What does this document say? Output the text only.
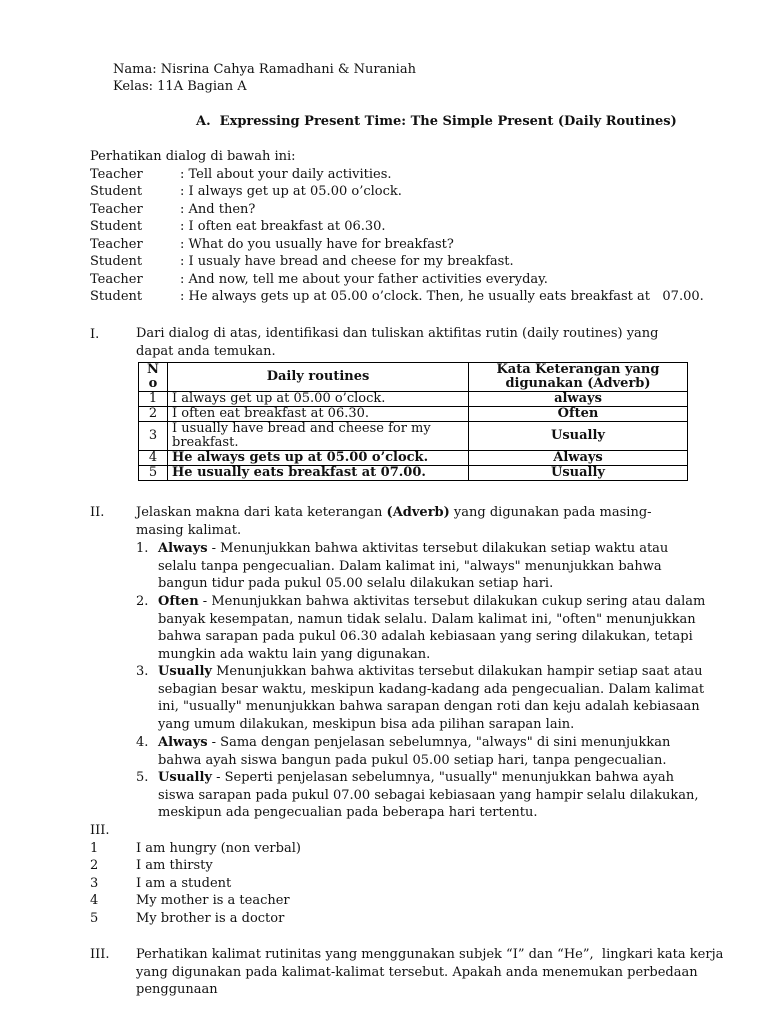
Nama: Nisrina Cahya Ramadhani & Nuraniah
Kelas: 11A Bagian A
A.  Expressing Present Time: The Simple Present (Daily Routines)
Perhatikan dialog di bawah ini:
Teacher	: Tell about your daily activities.
Student	: I always get up at 05.00 o’clock.
Teacher	: And then?
Student	: I often eat breakfast at 06.30.
Teacher	: What do you usually have for breakfast?
Student	: I usualy have bread and cheese for my breakfast.
Teacher	: And now, tell me about your father activities everyday.
Student	: He always gets up at 05.00 o’clock. Then, he usually eats breakfast at   07.00.
I.	Dari dialog di atas, identifikasi dan tuliskan aktifitas rutin (daily routines) yang dapat anda temukan.
N o	Daily routines	Kata Keterangan yang digunakan (Adverb)
1	I always get up at 05.00 o’clock.	always
2	I often eat breakfast at 06.30.	Often
3	I usually have bread and cheese for my breakfast.	Usually
4	He always gets up at 05.00 o’clock.	Always
5	He usually eats breakfast at 07.00.	Usually
II. Jelaskan makna dari kata keterangan (Adverb) yang digunakan pada masing-masing kalimat.
1. Always - Menunjukkan bahwa aktivitas tersebut dilakukan setiap waktu atau selalu tanpa pengecualian. Dalam kalimat ini, "always" menunjukkan bahwa bangun tidur pada pukul 05.00 selalu dilakukan setiap hari.
2. Often - Menunjukkan bahwa aktivitas tersebut dilakukan cukup sering atau dalam banyak kesempatan, namun tidak selalu. Dalam kalimat ini, "often" menunjukkan bahwa sarapan pada pukul 06.30 adalah kebiasaan yang sering dilakukan, tetapi mungkin ada waktu lain yang digunakan.
3. Usually Menunjukkan bahwa aktivitas tersebut dilakukan hampir setiap saat atau sebagian besar waktu, meskipun kadang-kadang ada pengecualian. Dalam kalimat ini, "usually" menunjukkan bahwa sarapan dengan roti dan keju adalah kebiasaan yang umum dilakukan, meskipun bisa ada pilihan sarapan lain.
4. Always - Sama dengan penjelasan sebelumnya, "always" di sini menunjukkan bahwa ayah siswa bangun pada pukul 05.00 setiap hari, tanpa pengecualian.
5. Usually - Seperti penjelasan sebelumnya, "usually" menunjukkan bahwa ayah siswa sarapan pada pukul 07.00 sebagai kebiasaan yang hampir selalu dilakukan, meskipun ada pengecualian pada beberapa hari tertentu.
III.
1	I am hungry (non verbal)
2	I am thirsty
3	I am a student
4	My mother is a teacher
5	My brother is a doctor
III. Perhatikan kalimat rutinitas yang menggunakan subjek “I” dan “He”,  lingkari kata kerja yang digunakan pada kalimat-kalimat tersebut. Apakah anda menemukan perbedaan penggunaan
